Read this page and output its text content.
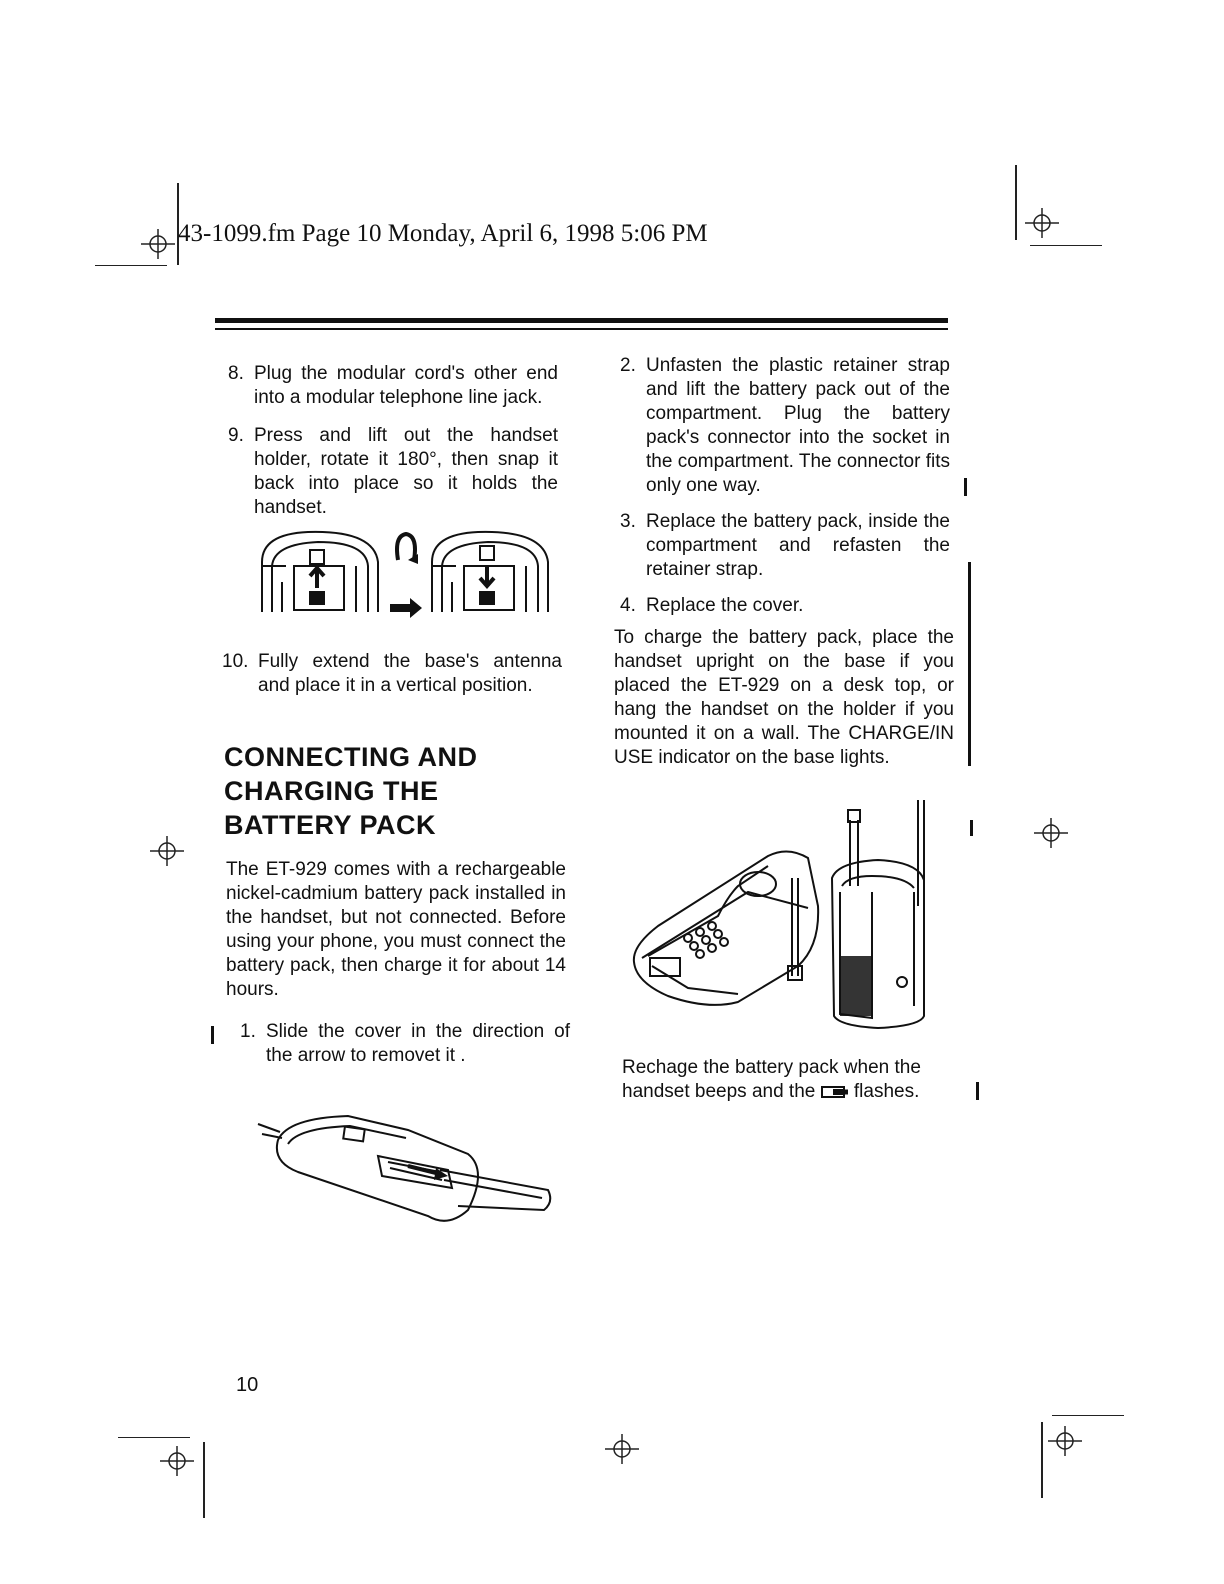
43-1099.fm Page 10 Monday, April 6, 1998 5:06 PM
8. Plug the modular cord's other end into a modular telephone line jack.
9. Press and lift out the handset holder, rotate it 180°, then snap it back into place so it holds the handset.
10. Fully extend the base's antenna and place it in a vertical position.
CONNECTING AND
CHARGING THE
BATTERY PACK
The ET-929 comes with a rechargeable nickel-cadmium battery pack installed in the handset, but not connected. Before using your phone, you must connect the battery pack, then charge it for about 14 hours.
1. Slide the cover in the direction of the arrow to removet it .
2. Unfasten the plastic retainer strap and lift the battery pack out of the compartment. Plug the battery pack's connector into the socket in the compartment. The connector fits only one way.
3. Replace the battery pack, inside the compartment and refasten the retainer strap.
4. Replace the cover.
To charge the battery pack, place the handset upright on the base if you placed the ET-929 on a desk top, or hang the handset on the holder if you mounted it on a wall. The CHARGE/IN USE indicator on the base lights.
Rechage the battery pack when the handset beeps and the flashes.
10
